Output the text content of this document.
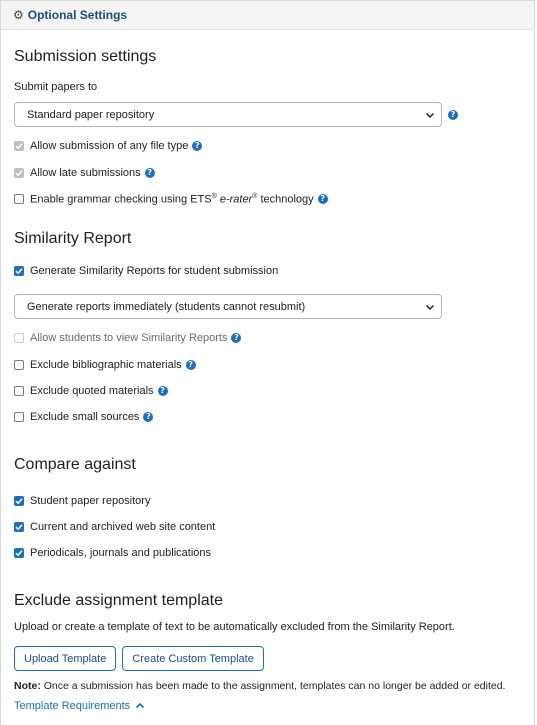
⚙ Optional Settings
Submission settings
Submit papers to
Standard paper repository	?
Allow submission of any file type ?
Allow late submissions ?
Enable grammar checking using ETS® e-rater® technology ?
Similarity Report
Generate Similarity Reports for student submission
Generate reports immediately (students cannot resubmit)
Allow students to view Similarity Reports ?
Exclude bibliographic materials ?
Exclude quoted materials ?
Exclude small sources ?
Compare against
Student paper repository
Current and archived web site content
Periodicals, journals and publications
Exclude assignment template
Upload or create a template of text to be automatically excluded from the Similarity Report.
Upload Template	Create Custom Template
Note: Once a submission has been made to the assignment, templates can no longer be added or edited.
Template Requirements
